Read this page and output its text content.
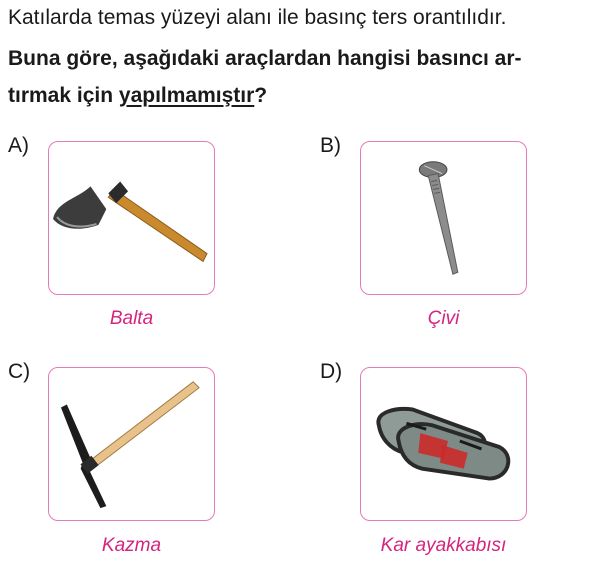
Katılarda temas yüzeyi alanı ile basınç ters orantılıdır.

Buna göre, aşağıdaki araçlardan hangisi basıncı ar-
tırmak için yapılmamıştır?

A)
Balta
B)
Çivi
C)
Kazma
D)
Kar ayakkabısı
